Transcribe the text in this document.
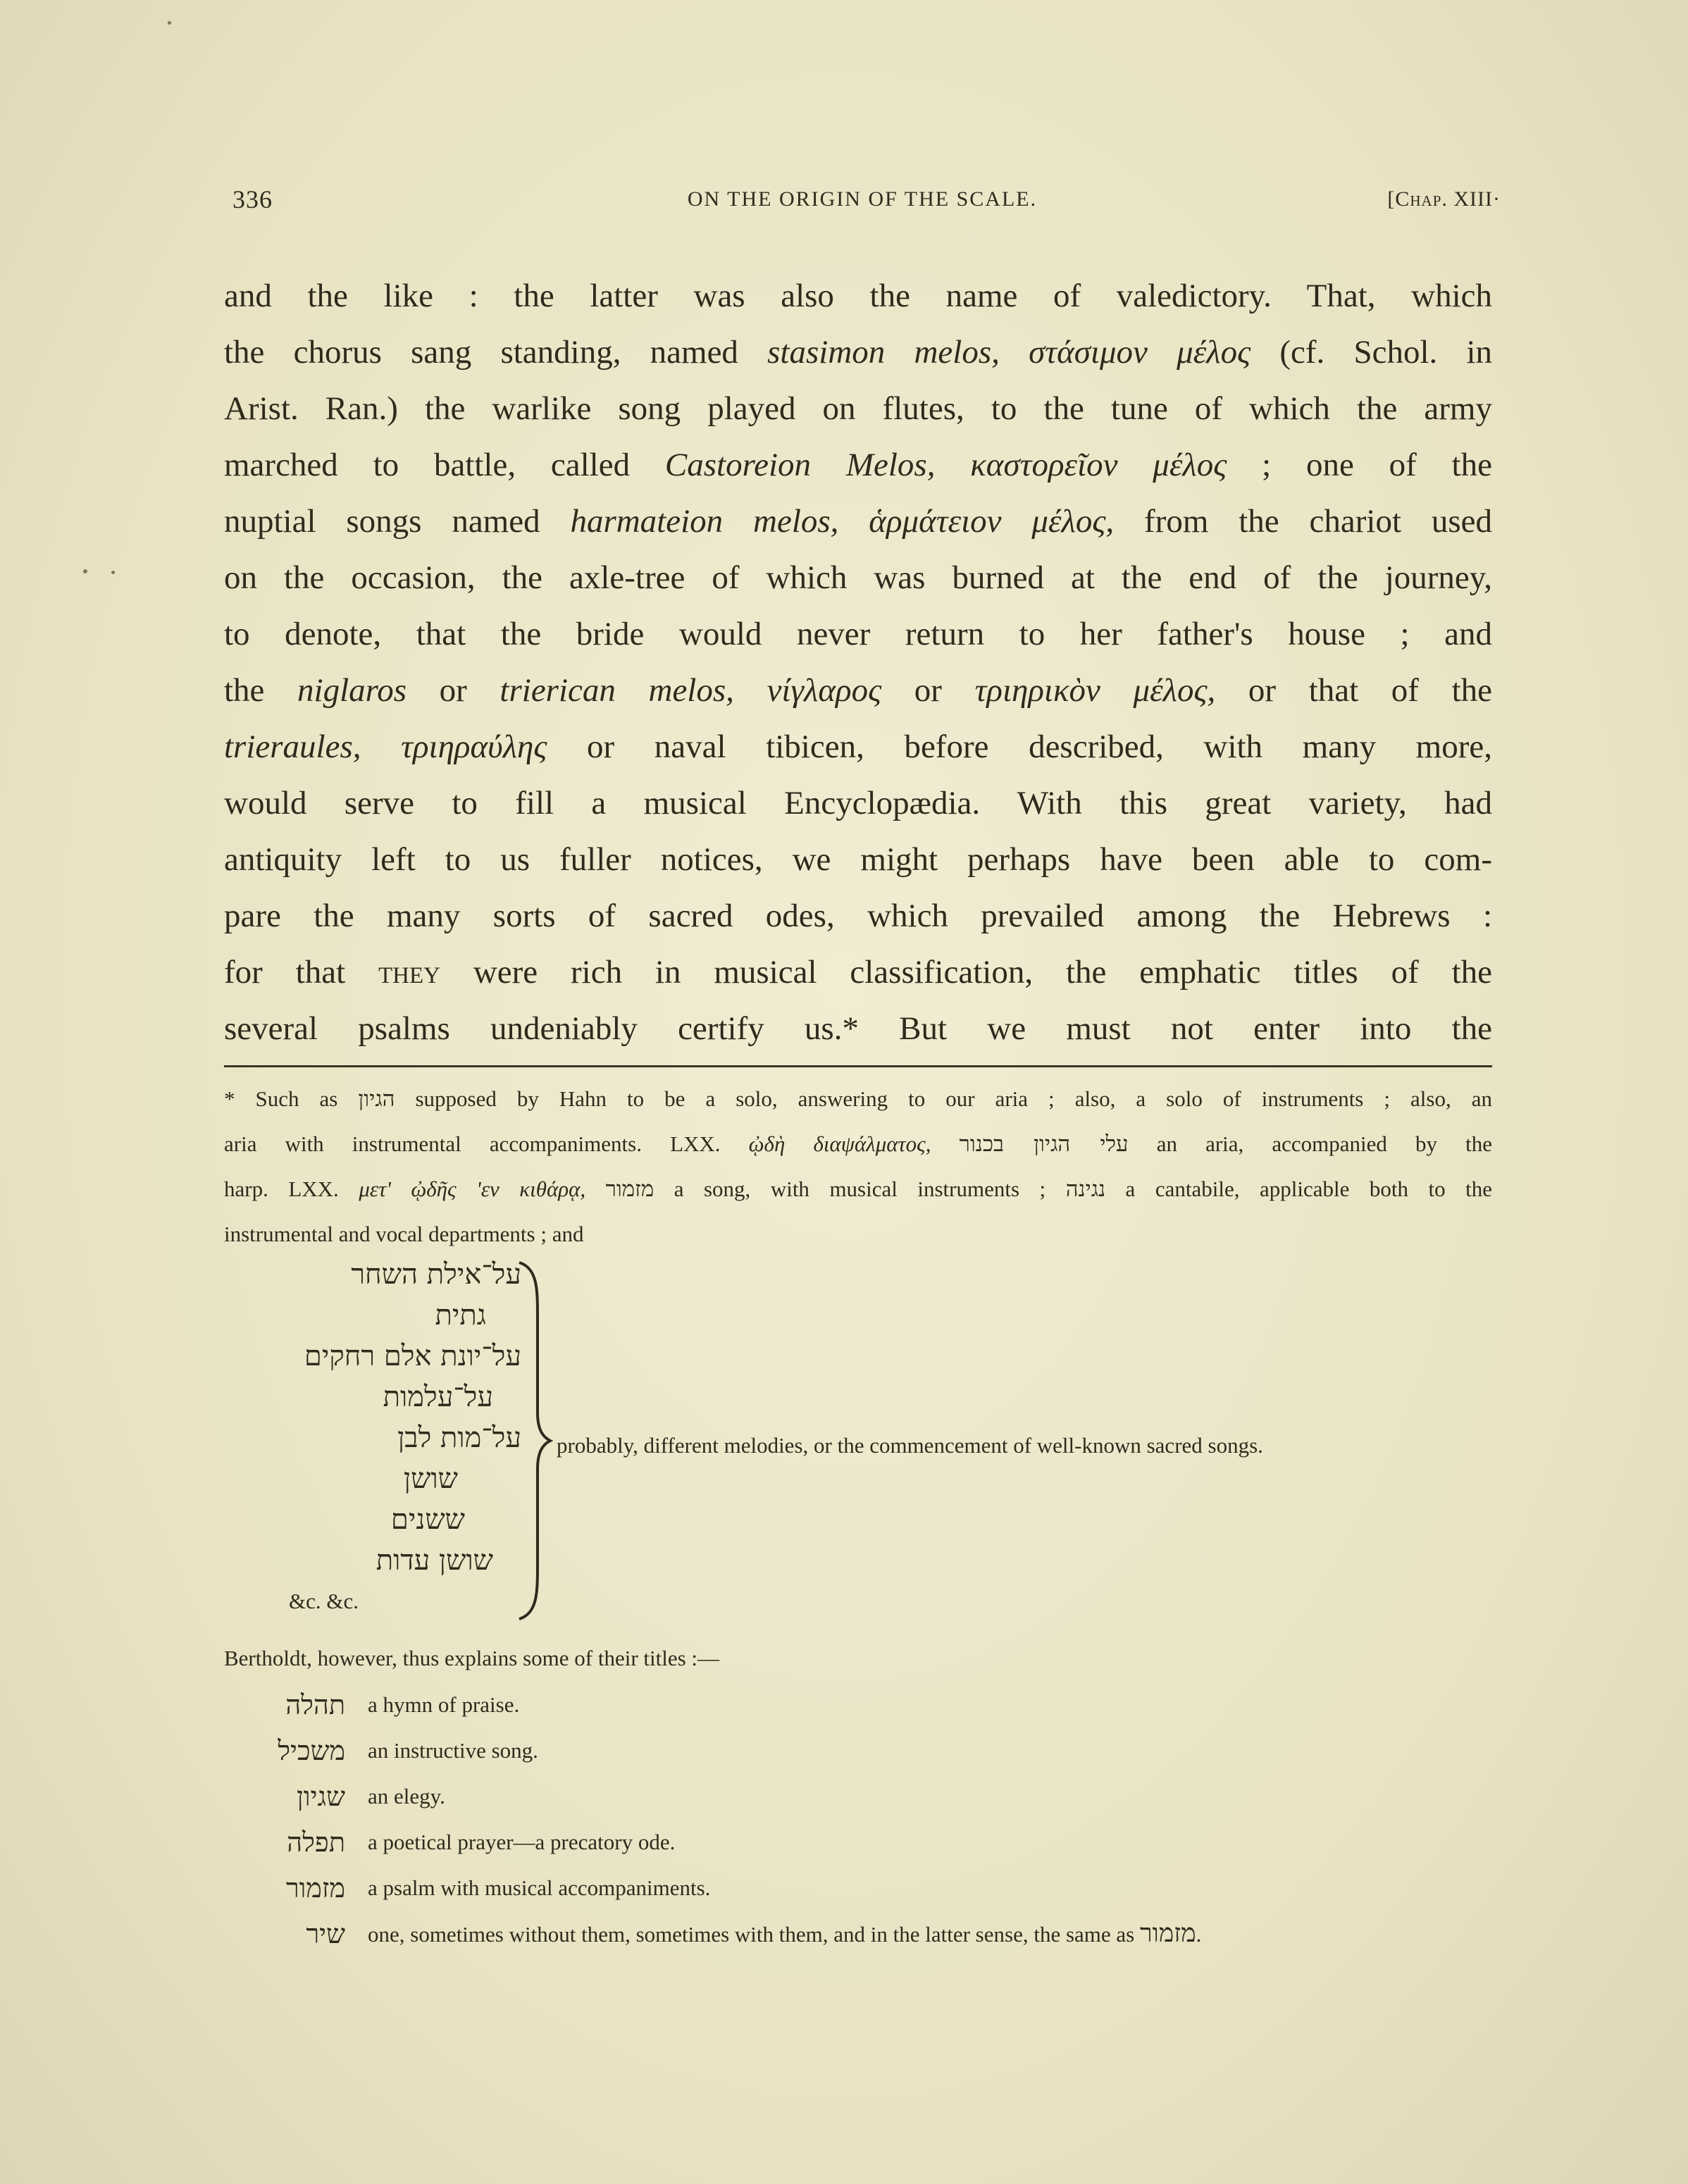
336	ON THE ORIGIN OF THE SCALE.	[Chap. XIII·
and the like : the latter was also the name of valedictory. That, which
the chorus sang standing, named stasimon melos, στάσιμον μέλος (cf. Schol. in
Arist. Ran.) the warlike song played on flutes, to the tune of which the army
marched to battle, called Castoreion Melos, καστορεῖον μέλος ; one of the
nuptial songs named harmateion melos, ἁρμάτειον μέλος, from the chariot used
on the occasion, the axle-tree of which was burned at the end of the journey,
to denote, that the bride would never return to her father's house ; and
the niglaros or trierican melos, νίγλαρος or τριηρικὸν μέλος, or that of the
trieraules, τριηραύλης or naval tibicen, before described, with many more,
would serve to fill a musical Encyclopædia. With this great variety, had
antiquity left to us fuller notices, we might perhaps have been able to com-
pare the many sorts of sacred odes, which prevailed among the Hebrews :
for that they were rich in musical classification, the emphatic titles of the
several psalms undeniably certify us.* But we must not enter into the
* Such as הגיון supposed by Hahn to be a solo, answering to our aria ; also, a solo of instruments ; also, an
aria with instrumental accompaniments. LXX. ᾠδὴ διαψάλματος, עלי הגיון בכנור an aria, accompanied by the
harp. LXX. μετ' ᾠδῆς 'εν κιθάρᾳ, מזמור a song, with musical instruments ; נגינה a cantabile, applicable both to the
instrumental and vocal departments ; and
על־אילת השחר
גתית
על־יונת אלם רחקים
על־עלמות
על־מות לבן
שושן
ששנים
שושן עדות
&c. &c.
probably, different melodies, or the commencement of well-known sacred songs.
Bertholdt, however, thus explains some of their titles :—
תהלה a hymn of praise.
משכיל an instructive song.
שגיון an elegy.
תפלה a poetical prayer—a precatory ode.
מזמור a psalm with musical accompaniments.
שיר one, sometimes without them, sometimes with them, and in the latter sense, the same as מזמור.
